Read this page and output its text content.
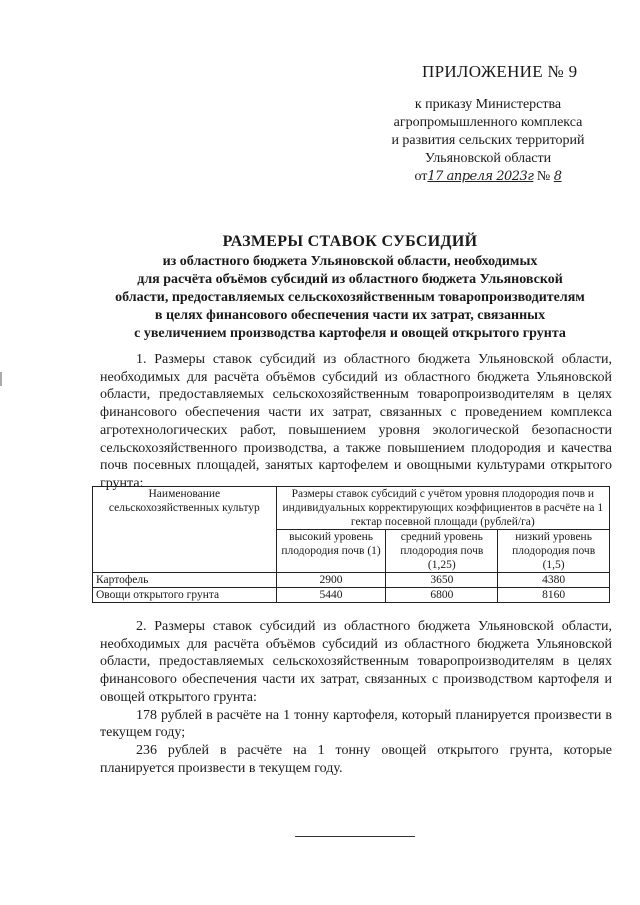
ПРИЛОЖЕНИЕ № 9
к приказу Министерства
агропромышленного комплекса
и развития сельских территорий
Ульяновской области
от17 апреля 2023г № 8
РАЗМЕРЫ СТАВОК СУБСИДИЙ
из областного бюджета Ульяновской области, необходимых
для расчёта объёмов субсидий из областного бюджета Ульяновской
области, предоставляемых сельскохозяйственным товаропроизводителям
в целях финансового обеспечения части их затрат, связанных
с увеличением производства картофеля и овощей открытого грунта

1. Размеры ставок субсидий из областного бюджета Ульяновской области, необходимых для расчёта объёмов субсидий из областного бюджета Ульяновской области, предоставляемых сельскохозяйственным товаропроизводителям в целях финансового обеспечения части их затрат, связанных с проведением комплекса агротехнологических работ, повышением уровня экологической безопасности сельскохозяйственного производства, а также повышением плодородия и качества почв посевных площадей, занятых картофелем и овощными культурами открытого грунта:

Наименование сельскохозяйственных культур	Размеры ставок субсидий с учётом уровня плодородия почв и индивидуальных корректирующих коэффициентов в расчёте на 1 гектар посевной площади (рублей/га)		
	высокий уровень плодородия почв (1)	средний уровень плодородия почв (1,25)	низкий уровень плодородия почв (1,5)
Картофель	2900	3650	4380
Овощи открытого грунта	5440	6800	8160

2. Размеры ставок субсидий из областного бюджета Ульяновской области, необходимых для расчёта объёмов субсидий из областного бюджета Ульяновской области, предоставляемых сельскохозяйственным товаропроизводителям в целях финансового обеспечения части их затрат, связанных с производством картофеля и овощей открытого грунта:

178 рублей в расчёте на 1 тонну картофеля, который планируется произвести в текущем году;

236 рублей в расчёте на 1 тонну овощей открытого грунта, которые планируется произвести в текущем году.
